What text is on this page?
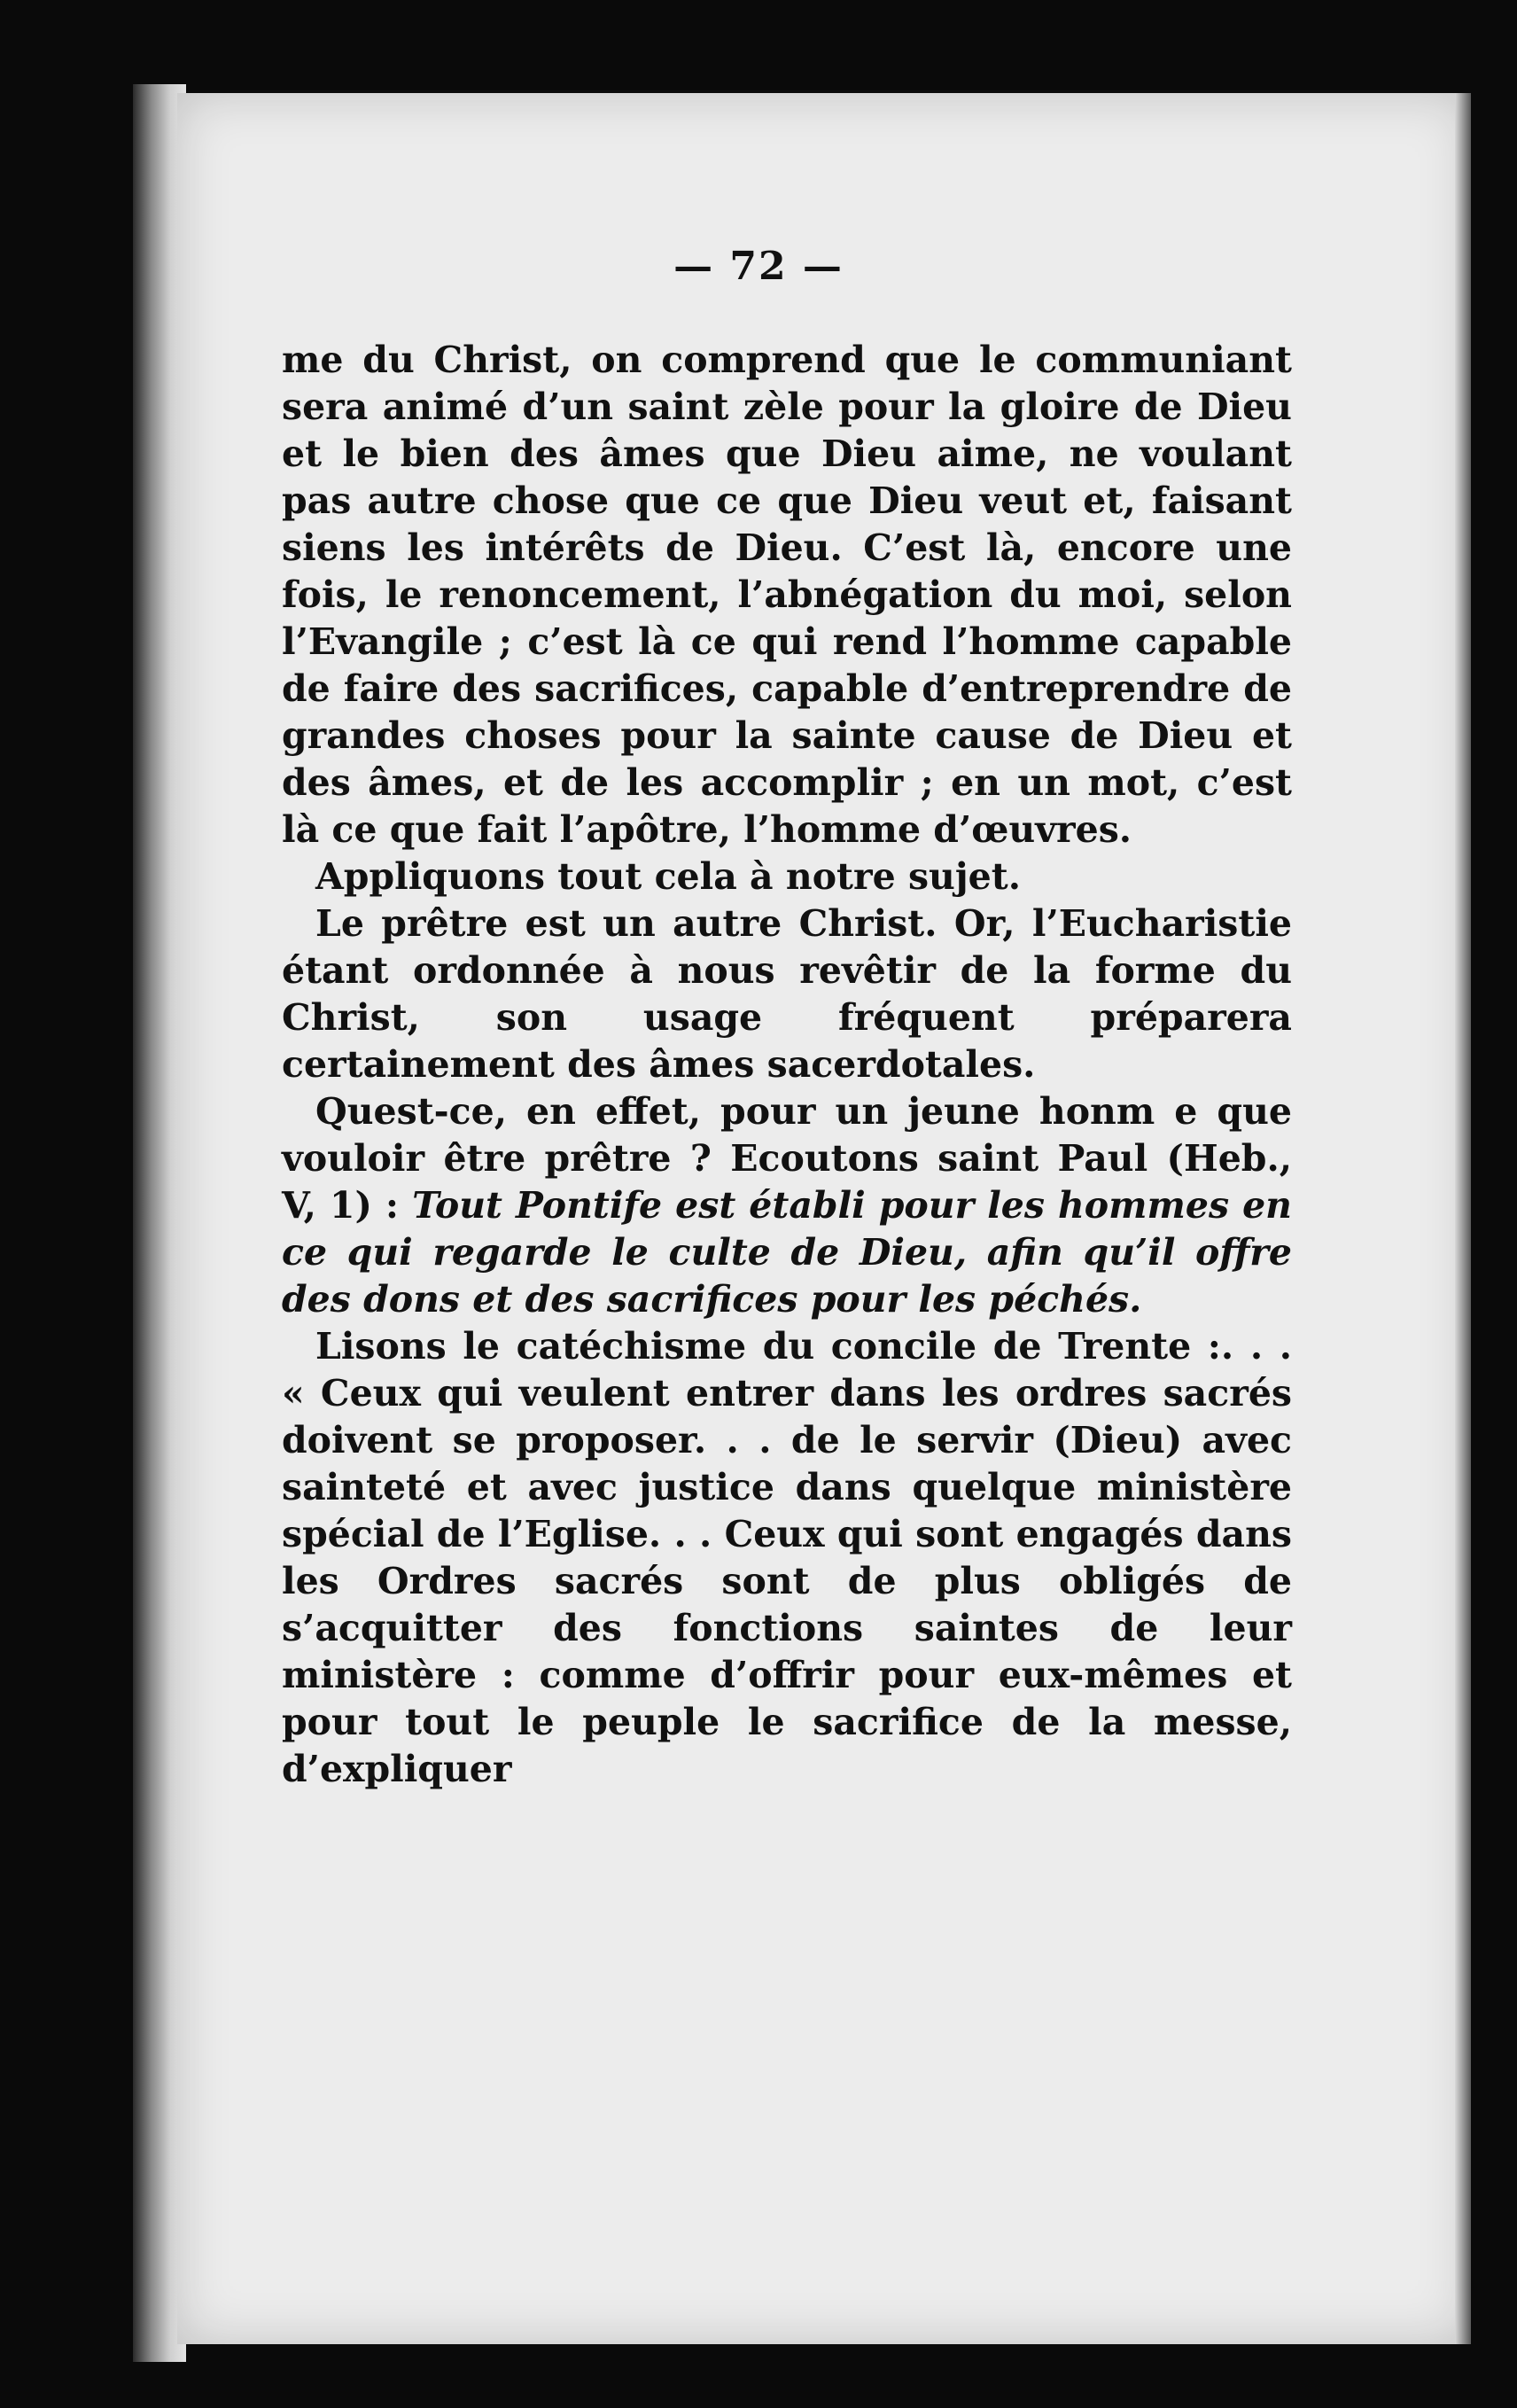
— 72 —

me du Christ, on comprend que le communiant sera animé d’un saint zèle pour la gloire de Dieu et le bien des âmes que Dieu aime, ne voulant pas autre chose que ce que Dieu veut et, faisant siens les intérêts de Dieu. C’est là, encore une fois, le renoncement, l’abnégation du moi, selon l’Evangile ; c’est là ce qui rend l’homme capable de faire des sacrifices, capable d’entreprendre de grandes choses pour la sainte cause de Dieu et des âmes, et de les accomplir ; en un mot, c’est là ce que fait l’apôtre, l’homme d’œuvres.

Appliquons tout cela à notre sujet.

Le prêtre est un autre Christ. Or, l’Eucharistie étant ordonnée à nous revêtir de la forme du Christ, son usage fréquent préparera certainement des âmes sacerdotales.

Quest-ce, en effet, pour un jeune honm e que vouloir être prêtre ? Ecoutons saint Paul (Heb., V, 1) : Tout Pontife est établi pour les hommes en ce qui regarde le culte de Dieu, afin qu’il offre des dons et des sacrifices pour les péchés.

Lisons le catéchisme du concile de Trente :. . . « Ceux qui veulent entrer dans les ordres sacrés doivent se proposer. . . de le servir (Dieu) avec sainteté et avec justice dans quelque ministère spécial de l’Eglise. . . Ceux qui sont engagés dans les Ordres sacrés sont de plus obligés de s’acquitter des fonctions saintes de leur ministère : comme d’offrir pour eux-mêmes et pour tout le peuple le sacrifice de la messe, d’expliquer
